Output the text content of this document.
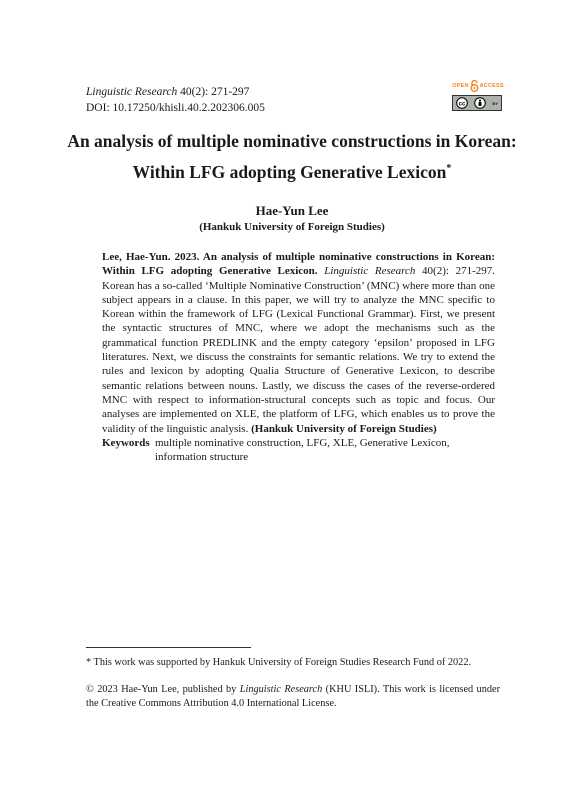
Linguistic Research 40(2): 271-297
DOI: 10.17250/khisli.40.2.202306.005
OPEN ACCESS
cc	BY
An analysis of multiple nominative constructions in Korean:
Within LFG adopting Generative Lexicon*
Hae-Yun Lee
(Hankuk University of Foreign Studies)
Lee, Hae-Yun. 2023. An analysis of multiple nominative constructions in Korean: Within LFG adopting Generative Lexicon. Linguistic Research 40(2): 271-297. Korean has a so-called ‘Multiple Nominative Construction’ (MNC) where more than one subject appears in a clause. In this paper, we will try to analyze the MNC specific to Korean within the framework of LFG (Lexical Functional Grammar). First, we present the syntactic structures of MNC, where we adopt the mechanisms such as the grammatical function PREDLINK and the empty category ‘epsilon’ proposed in LFG literatures. Next, we discuss the constraints for semantic relations. We try to extend the rules and lexicon by adopting Qualia Structure of Generative Lexicon, to describe semantic relations between nouns. Lastly, we discuss the cases of the reverse-ordered MNC with respect to information-structural concepts such as topic and focus. Our analyses are implemented on XLE, the platform of LFG, which enables us to prove the validity of the linguistic analysis. (Hankuk University of Foreign Studies)
Keywords multiple nominative construction, LFG, XLE, Generative Lexicon, information structure
* This work was supported by Hankuk University of Foreign Studies Research Fund of 2022.
© 2023 Hae-Yun Lee, published by Linguistic Research (KHU ISLI). This work is licensed under the Creative Commons Attribution 4.0 International License.
